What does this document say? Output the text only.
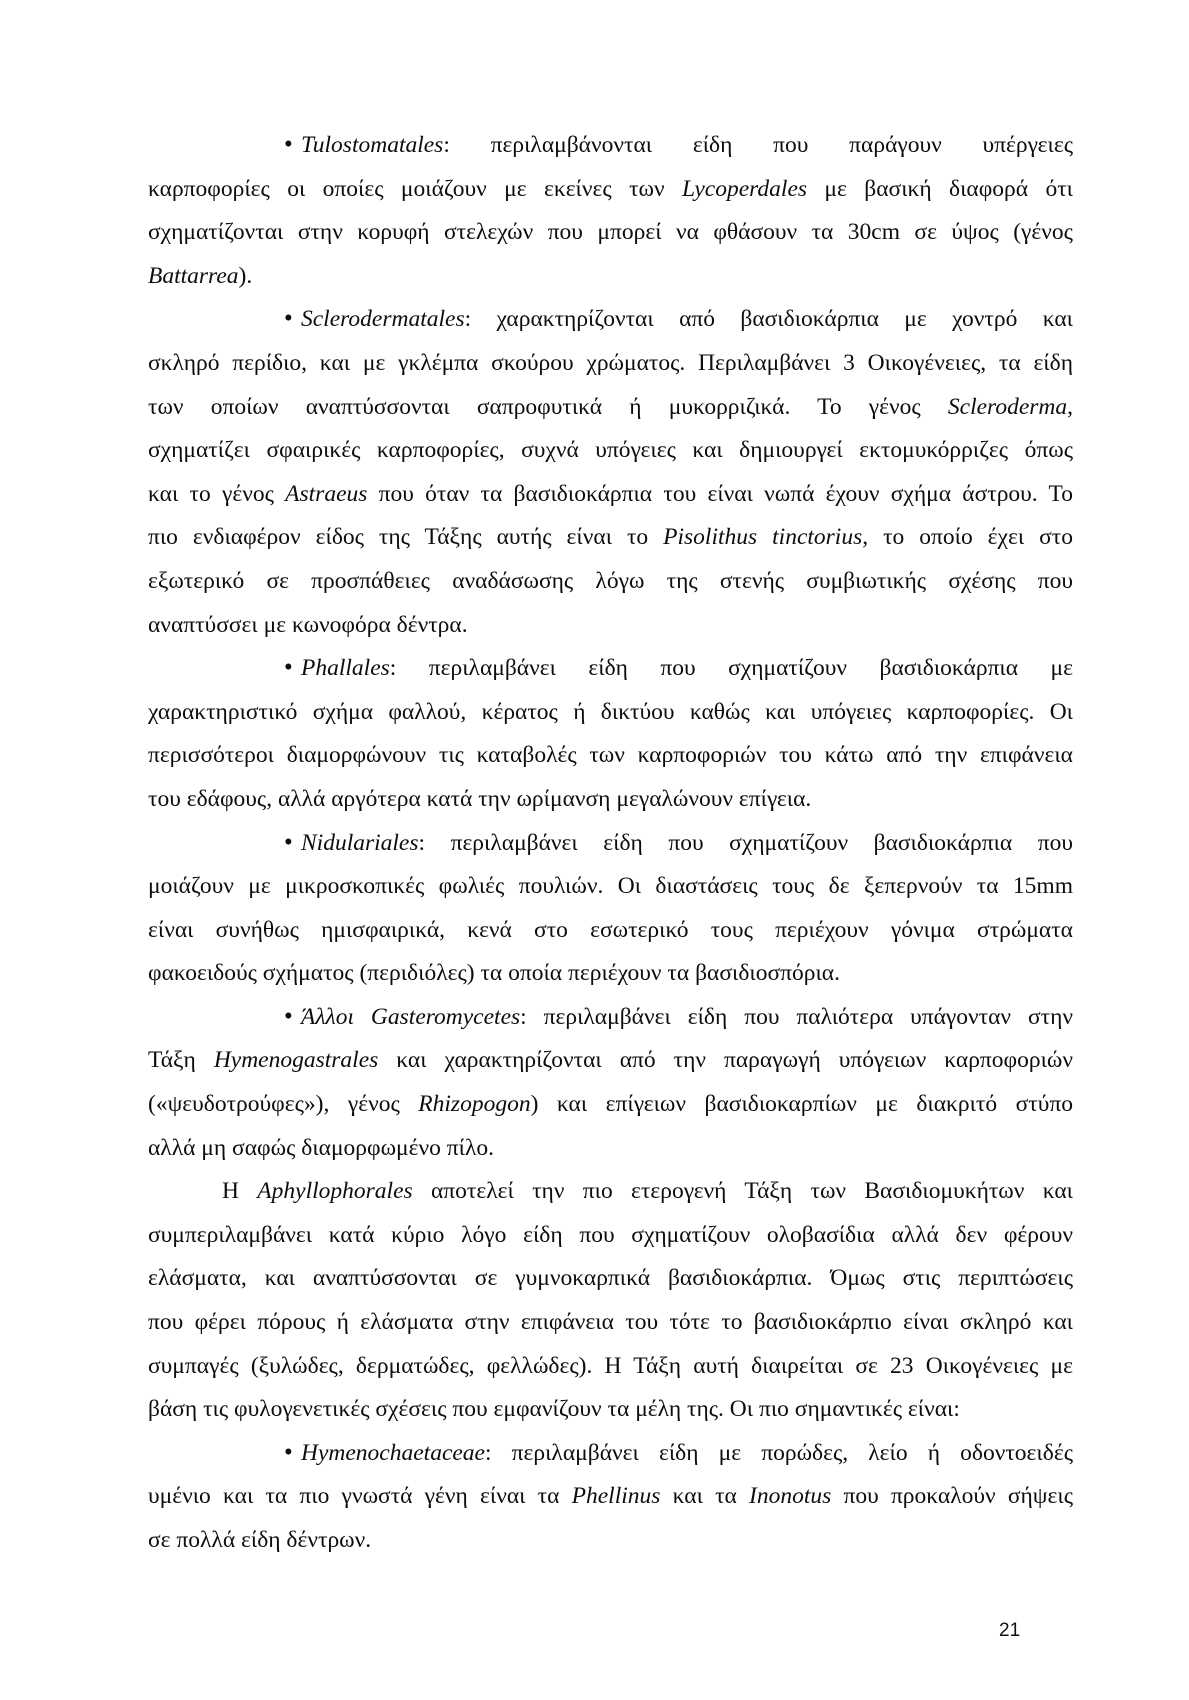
• Tulostomatales: περιλαμβάνονται είδη που παράγουν υπέργειες
καρποφορίες οι οποίες μοιάζουν με εκείνες των Lycoperdales με βασική διαφορά ότι
σχηματίζονται στην κορυφή στελεχών που μπορεί να φθάσουν τα 30cm σε ύψος (γένος
Battarrea).
• Sclerodermatales: χαρακτηρίζονται από βασιδιοκάρπια με χοντρό και
σκληρό περίδιο, και με γκλέμπα σκούρου χρώματος. Περιλαμβάνει 3 Οικογένειες, τα είδη
των οποίων αναπτύσσονται σαπροφυτικά ή μυκορριζικά. Το γένος Scleroderma,
σχηματίζει σφαιρικές καρποφορίες, συχνά υπόγειες και δημιουργεί εκτομυκόρριζες όπως
και το γένος Astraeus που όταν τα βασιδιοκάρπια του είναι νωπά έχουν σχήμα άστρου. Το
πιο ενδιαφέρον είδος της Τάξης αυτής είναι το Pisolithus tinctorius, το οποίο έχει στο
εξωτερικό σε προσπάθειες αναδάσωσης λόγω της στενής συμβιωτικής σχέσης που
αναπτύσσει με κωνοφόρα δέντρα.
• Phallales: περιλαμβάνει είδη που σχηματίζουν βασιδιοκάρπια με
χαρακτηριστικό σχήμα φαλλού, κέρατος ή δικτύου καθώς και υπόγειες καρποφορίες. Οι
περισσότεροι διαμορφώνουν τις καταβολές των καρποφοριών του κάτω από την επιφάνεια
του εδάφους, αλλά αργότερα κατά την ωρίμανση μεγαλώνουν επίγεια.
• Nidulariales: περιλαμβάνει είδη που σχηματίζουν βασιδιοκάρπια που
μοιάζουν με μικροσκοπικές φωλιές πουλιών. Οι διαστάσεις τους δε ξεπερνούν τα 15mm
είναι συνήθως ημισφαιρικά, κενά στο εσωτερικό τους περιέχουν γόνιμα στρώματα
φακοειδούς σχήματος (περιδιόλες) τα οποία περιέχουν τα βασιδιοσπόρια.
• Άλλοι Gasteromycetes: περιλαμβάνει είδη που παλιότερα υπάγονταν στην
Τάξη Hymenogastrales και χαρακτηρίζονται από την παραγωγή υπόγειων καρποφοριών
(«ψευδοτρούφες»), γένος Rhizopogon) και επίγειων βασιδιοκαρπίων με διακριτό στύπο
αλλά μη σαφώς διαμορφωμένο πίλο.
Η Aphyllophorales αποτελεί την πιο ετερογενή Τάξη των Βασιδιομυκήτων και
συμπεριλαμβάνει κατά κύριο λόγο είδη που σχηματίζουν ολοβασίδια αλλά δεν φέρουν
ελάσματα, και αναπτύσσονται σε γυμνοκαρπικά βασιδιοκάρπια. Όμως στις περιπτώσεις
που φέρει πόρους ή ελάσματα στην επιφάνεια του τότε το βασιδιοκάρπιο είναι σκληρό και
συμπαγές (ξυλώδες, δερματώδες, φελλώδες). Η Τάξη αυτή διαιρείται σε 23 Οικογένειες με
βάση τις φυλογενετικές σχέσεις που εμφανίζουν τα μέλη της. Οι πιο σημαντικές είναι:
• Hymenochaetaceae: περιλαμβάνει είδη με πορώδες, λείο ή οδοντοειδές
υμένιο και τα πιο γνωστά γένη είναι τα Phellinus και τα Inonotus που προκαλούν σήψεις
σε πολλά είδη δέντρων.
21
